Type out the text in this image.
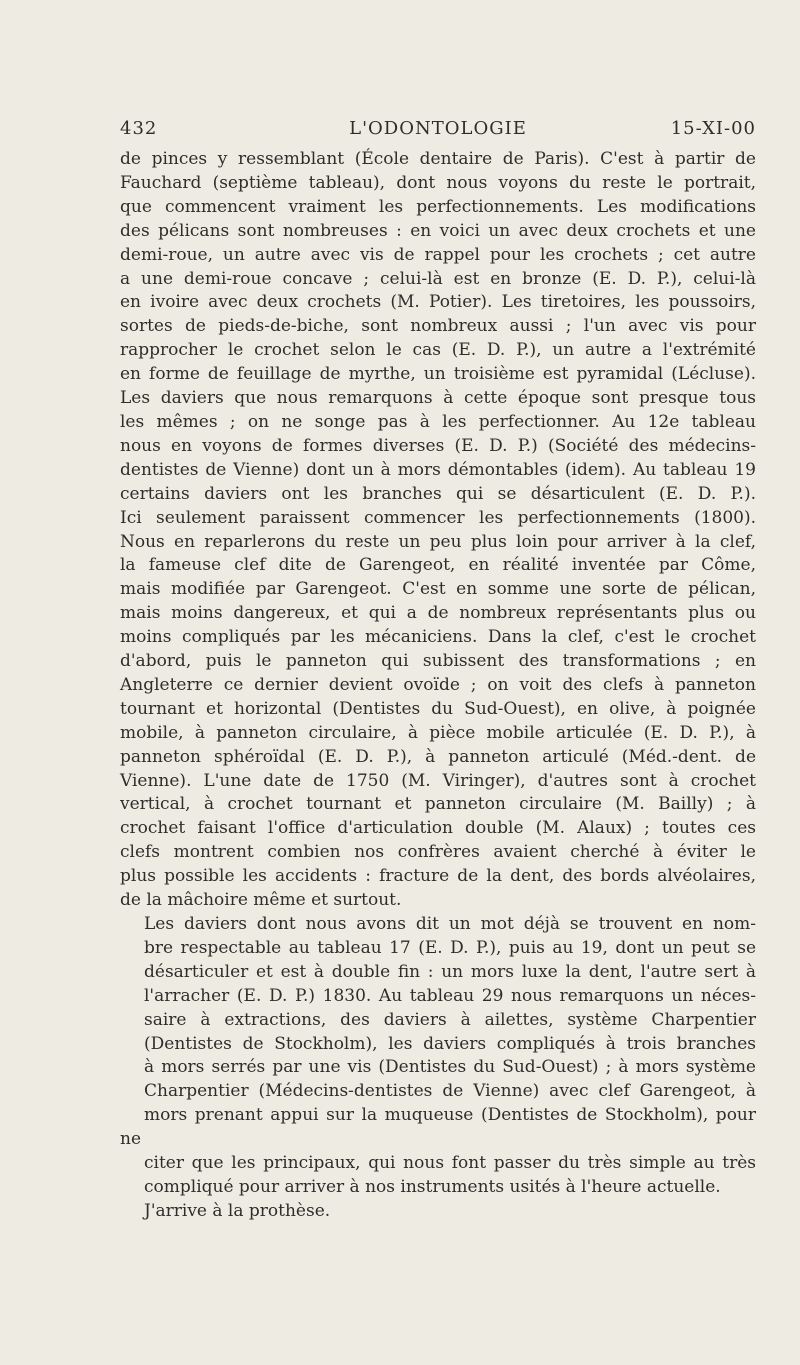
432	L'ODONTOLOGIE	15-XI-00
de pinces y ressemblant (École dentaire de Paris). C'est à partir de
Fauchard (septième tableau), dont nous voyons du reste le portrait,
que commencent vraiment les perfectionnements. Les modifications
des pélicans sont nombreuses : en voici un avec deux crochets et une
demi-roue, un autre avec vis de rappel pour les crochets ; cet autre
a une demi-roue concave ; celui-là est en bronze (E. D. P.), celui-là
en ivoire avec deux crochets (M. Potier). Les tiretoires, les poussoirs,
sortes de pieds-de-biche, sont nombreux aussi ; l'un avec vis pour
rapprocher le crochet selon le cas (E. D. P.), un autre a l'extrémité
en forme de feuillage de myrthe, un troisième est pyramidal (Lécluse).
Les daviers que nous remarquons à cette époque sont presque tous
les mêmes ; on ne songe pas à les perfectionner. Au 12e tableau
nous en voyons de formes diverses (E. D. P.) (Société des médecins-
dentistes de Vienne) dont un à mors démontables (idem). Au tableau 19
certains daviers ont les branches qui se désarticulent (E. D. P.).
Ici seulement paraissent commencer les perfectionnements (1800).
Nous en reparlerons du reste un peu plus loin pour arriver à la clef,
la fameuse clef dite de Garengeot, en réalité inventée par Côme,
mais modifiée par Garengeot. C'est en somme une sorte de pélican,
mais moins dangereux, et qui a de nombreux représentants plus ou
moins compliqués par les mécaniciens. Dans la clef, c'est le crochet
d'abord, puis le panneton qui subissent des transformations ; en
Angleterre ce dernier devient ovoïde ; on voit des clefs à panneton
tournant et horizontal (Dentistes du Sud-Ouest), en olive, à poignée
mobile, à panneton circulaire, à pièce mobile articulée (E. D. P.), à
panneton sphéroïdal (E. D. P.), à panneton articulé (Méd.-dent. de
Vienne). L'une date de 1750 (M. Viringer), d'autres sont à crochet
vertical, à crochet tournant et panneton circulaire (M. Bailly) ; à
crochet faisant l'office d'articulation double (M. Alaux) ; toutes ces
clefs montrent combien nos confrères avaient cherché à éviter le
plus possible les accidents : fracture de la dent, des bords alvéolaires,
de la mâchoire même et surtout.
Les daviers dont nous avons dit un mot déjà se trouvent en nom-
bre respectable au tableau 17 (E. D. P.), puis au 19, dont un peut se
désarticuler et est à double fin : un mors luxe la dent, l'autre sert à
l'arracher (E. D. P.) 1830. Au tableau 29 nous remarquons un néces-
saire à extractions, des daviers à ailettes, système Charpentier
(Dentistes de Stockholm), les daviers compliqués à trois branches
à mors serrés par une vis (Dentistes du Sud-Ouest) ; à mors système
Charpentier (Médecins-dentistes de Vienne) avec clef Garengeot, à
mors prenant appui sur la muqueuse (Dentistes de Stockholm), pour ne
citer que les principaux, qui nous font passer du très simple au très
compliqué pour arriver à nos instruments usités à l'heure actuelle.
J'arrive à la prothèse.
